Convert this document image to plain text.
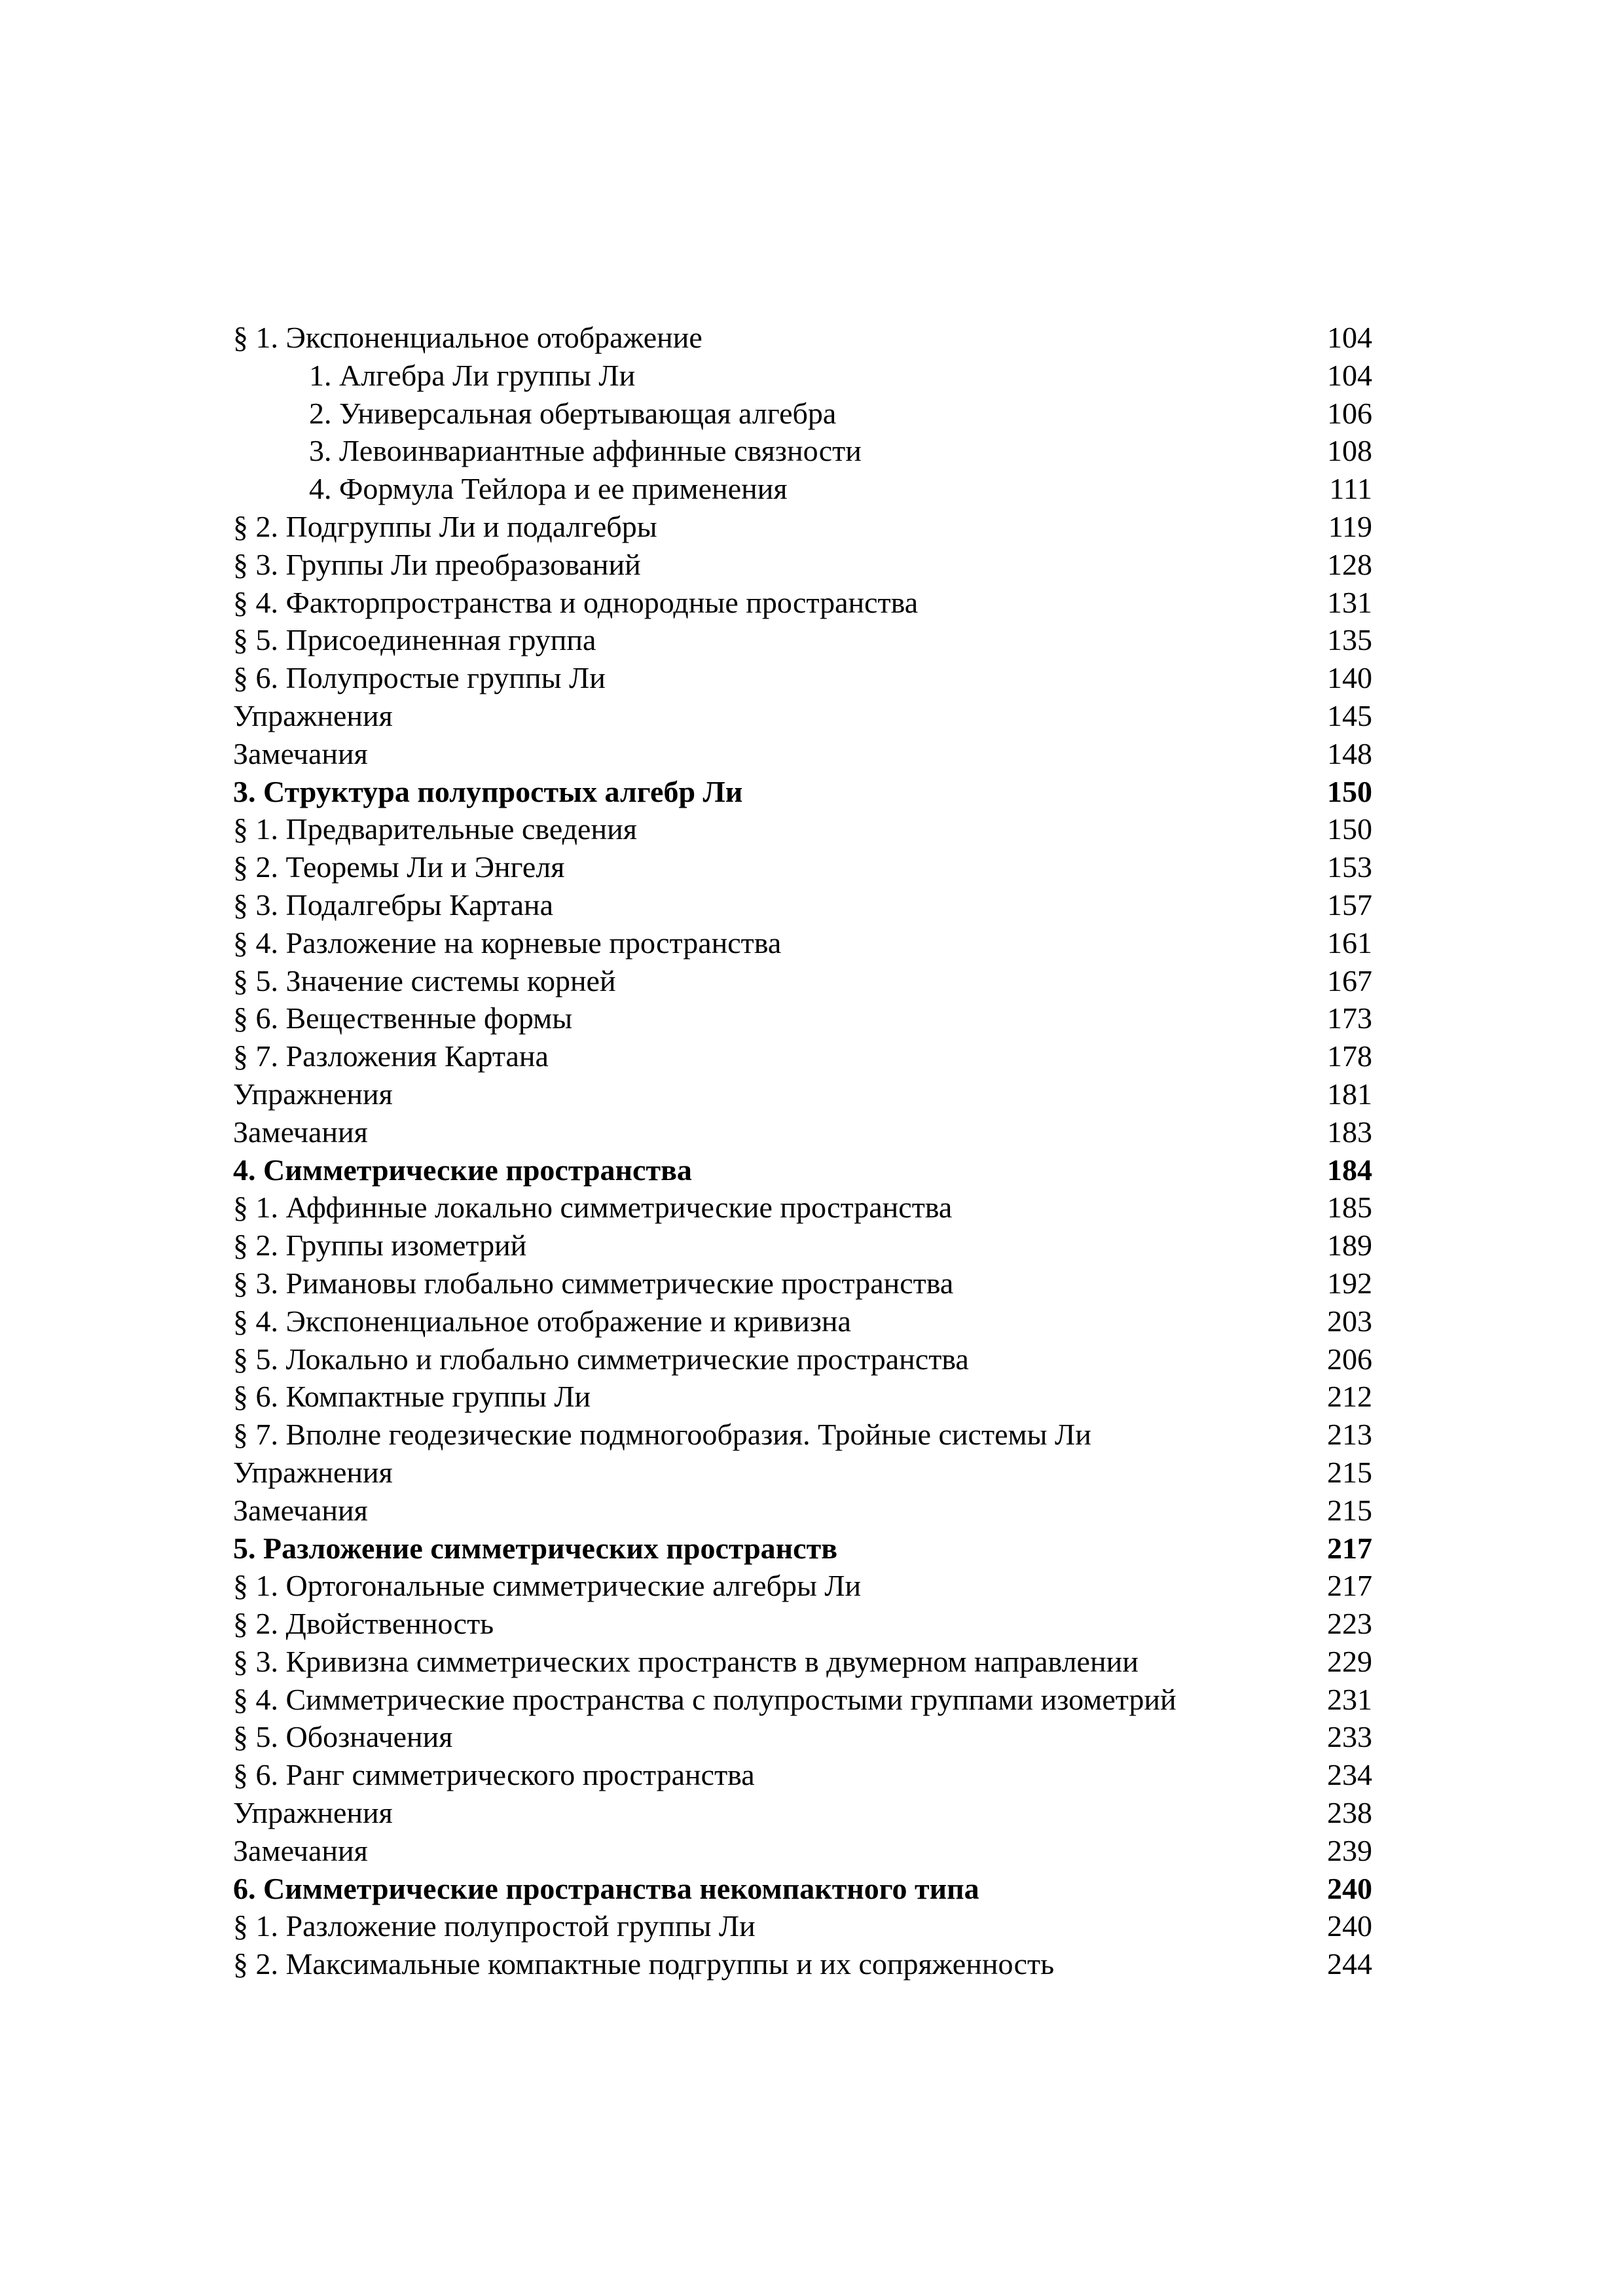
§ 1. Экспоненциальное отображение	104
1. Алгебра Ли группы Ли	104
2. Универсальная обертывающая алгебра	106
3. Левоинвариантные аффинные связности	108
4. Формула Тейлора и ее применения	111
§ 2. Подгруппы Ли и подалгебры	119
§ 3. Группы Ли преобразований	128
§ 4. Факторпространства и однородные пространства	131
§ 5. Присоединенная группа	135
§ 6. Полупростые группы Ли	140
Упражнения	145
Замечания	148
3. Структура полупростых алгебр Ли	150
§ 1. Предварительные сведения	150
§ 2. Теоремы Ли и Энгеля	153
§ 3. Подалгебры Картана	157
§ 4. Разложение на корневые пространства	161
§ 5. Значение системы корней	167
§ 6. Вещественные формы	173
§ 7. Разложения Картана	178
Упражнения	181
Замечания	183
4. Симметрические пространства	184
§ 1. Аффинные локально симметрические пространства	185
§ 2. Группы изометрий	189
§ 3. Римановы глобально симметрические пространства	192
§ 4. Экспоненциальное отображение и кривизна	203
§ 5. Локально и глобально симметрические пространства	206
§ 6. Компактные группы Ли	212
§ 7. Вполне геодезические подмногообразия. Тройные системы Ли	213
Упражнения	215
Замечания	215
5. Разложение симметрических пространств	217
§ 1. Ортогональные симметрические алгебры Ли	217
§ 2. Двойственность	223
§ 3. Кривизна симметрических пространств в двумерном направлении	229
§ 4. Симметрические пространства с полупростыми группами изометрий	231
§ 5. Обозначения	233
§ 6. Ранг симметрического пространства	234
Упражнения	238
Замечания	239
6. Симметрические пространства некомпактного типа	240
§ 1. Разложение полупростой группы Ли	240
§ 2. Максимальные компактные подгруппы и их сопряженность	244
